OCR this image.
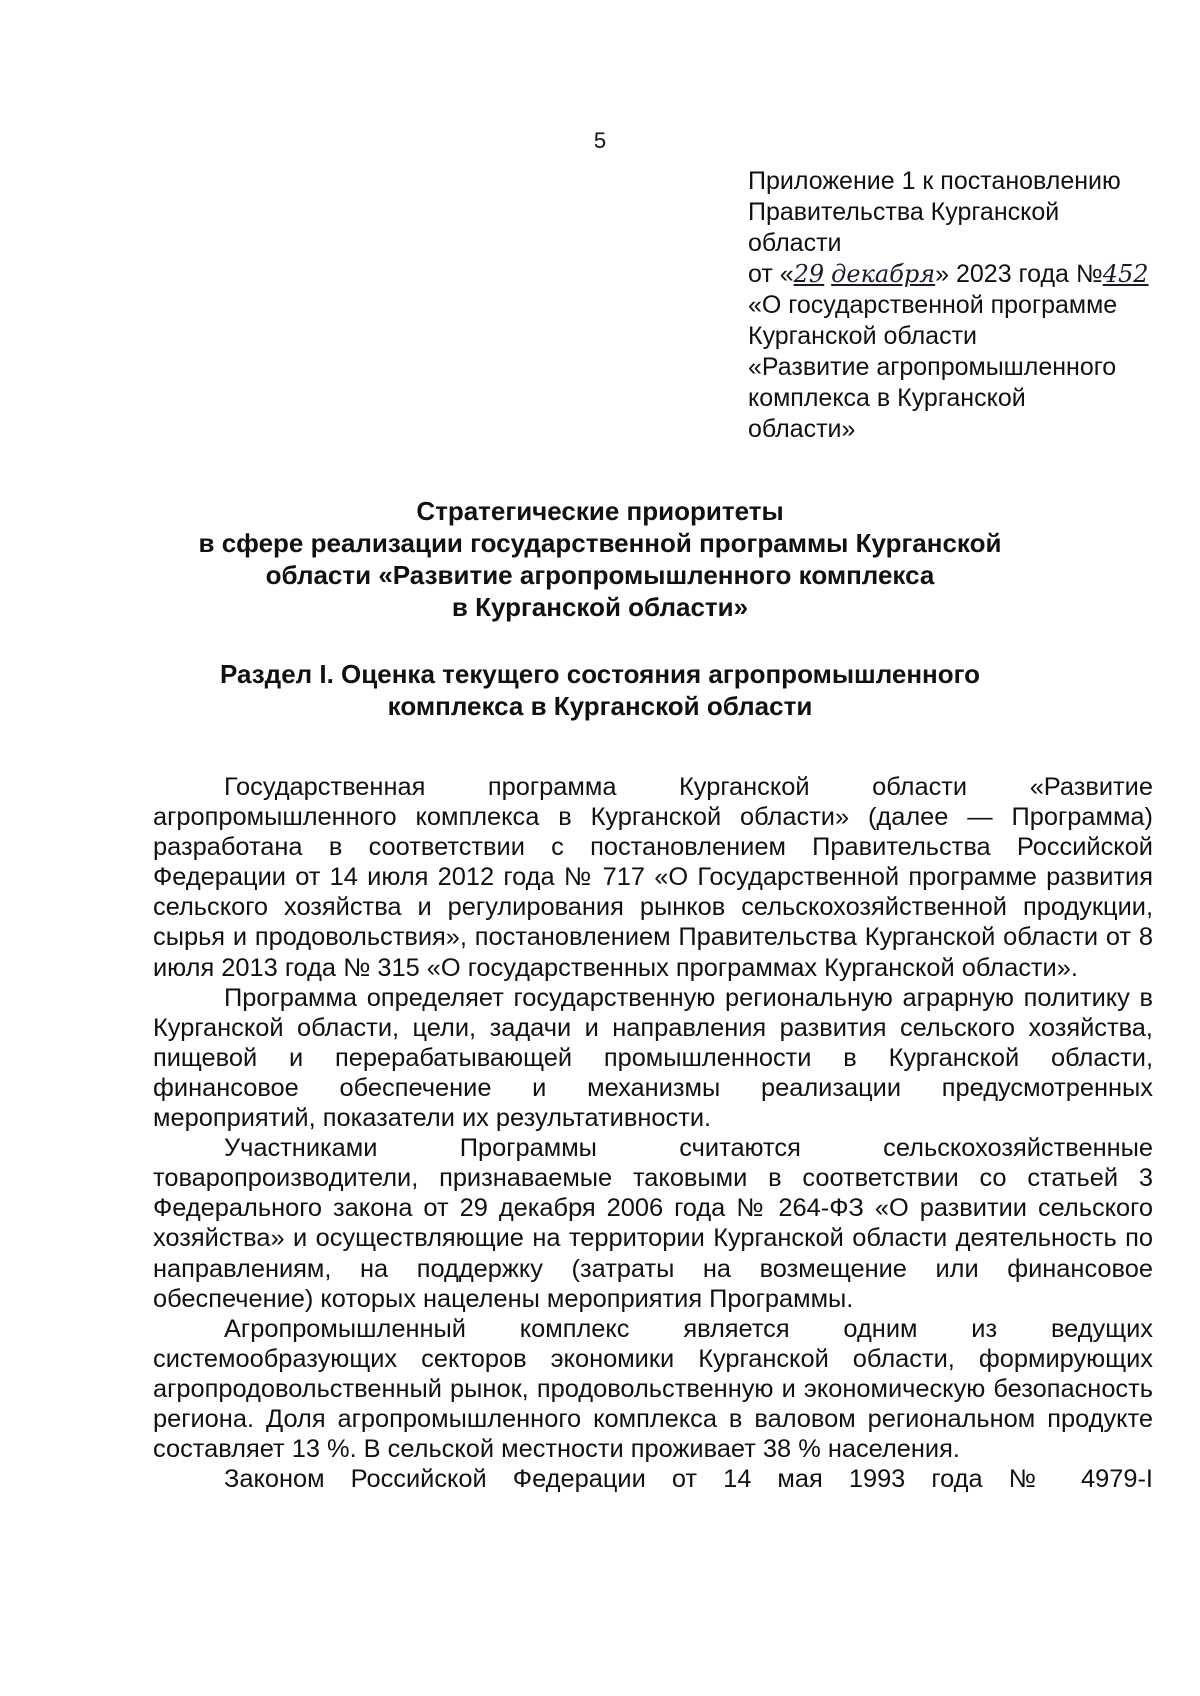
5
Приложение 1 к постановлению
Правительства Курганской
области
от «29 декабря» 2023 года №452
«О государственной программе
Курганской области
«Развитие агропромышленного
комплекса в Курганской
области»
Стратегические приоритеты
в сфере реализации государственной программы Курганской
области «Развитие агропромышленного комплекса
в Курганской области»
Раздел I. Оценка текущего состояния агропромышленного
комплекса в Курганской области

Государственная программа Курганской области «Развитие агропромышленного комплекса в Курганской области» (далее — Программа) разработана в соответствии с постановлением Правительства Российской Федерации от 14 июля 2012 года № 717 «О Государственной программе развития сельского хозяйства и регулирования рынков сельскохозяйственной продукции, сырья и продовольствия», постановлением Правительства Курганской области от 8 июля 2013 года № 315 «О государственных программах Курганской области».

Программа определяет государственную региональную аграрную политику в Курганской области, цели, задачи и направления развития сельского хозяйства, пищевой и перерабатывающей промышленности в Курганской области, финансовое обеспечение и механизмы реализации предусмотренных мероприятий, показатели их результативности.

Участниками Программы считаются сельскохозяйственные товаропроизводители, признаваемые таковыми в соответствии со статьей 3 Федерального закона от 29 декабря 2006 года № 264-ФЗ «О развитии сельского хозяйства» и осуществляющие на территории Курганской области деятельность по направлениям, на поддержку (затраты на возмещение или финансовое обеспечение) которых нацелены мероприятия Программы.

Агропромышленный комплекс является одним из ведущих системообразующих секторов экономики Курганской области, формирующих агропродовольственный рынок, продовольственную и экономическую безопасность региона. Доля агропромышленного комплекса в валовом региональном продукте составляет 13 %. В сельской местности проживает 38 % населения.

Законом Российской Федерации от 14 мая 1993 года № 4979-I
